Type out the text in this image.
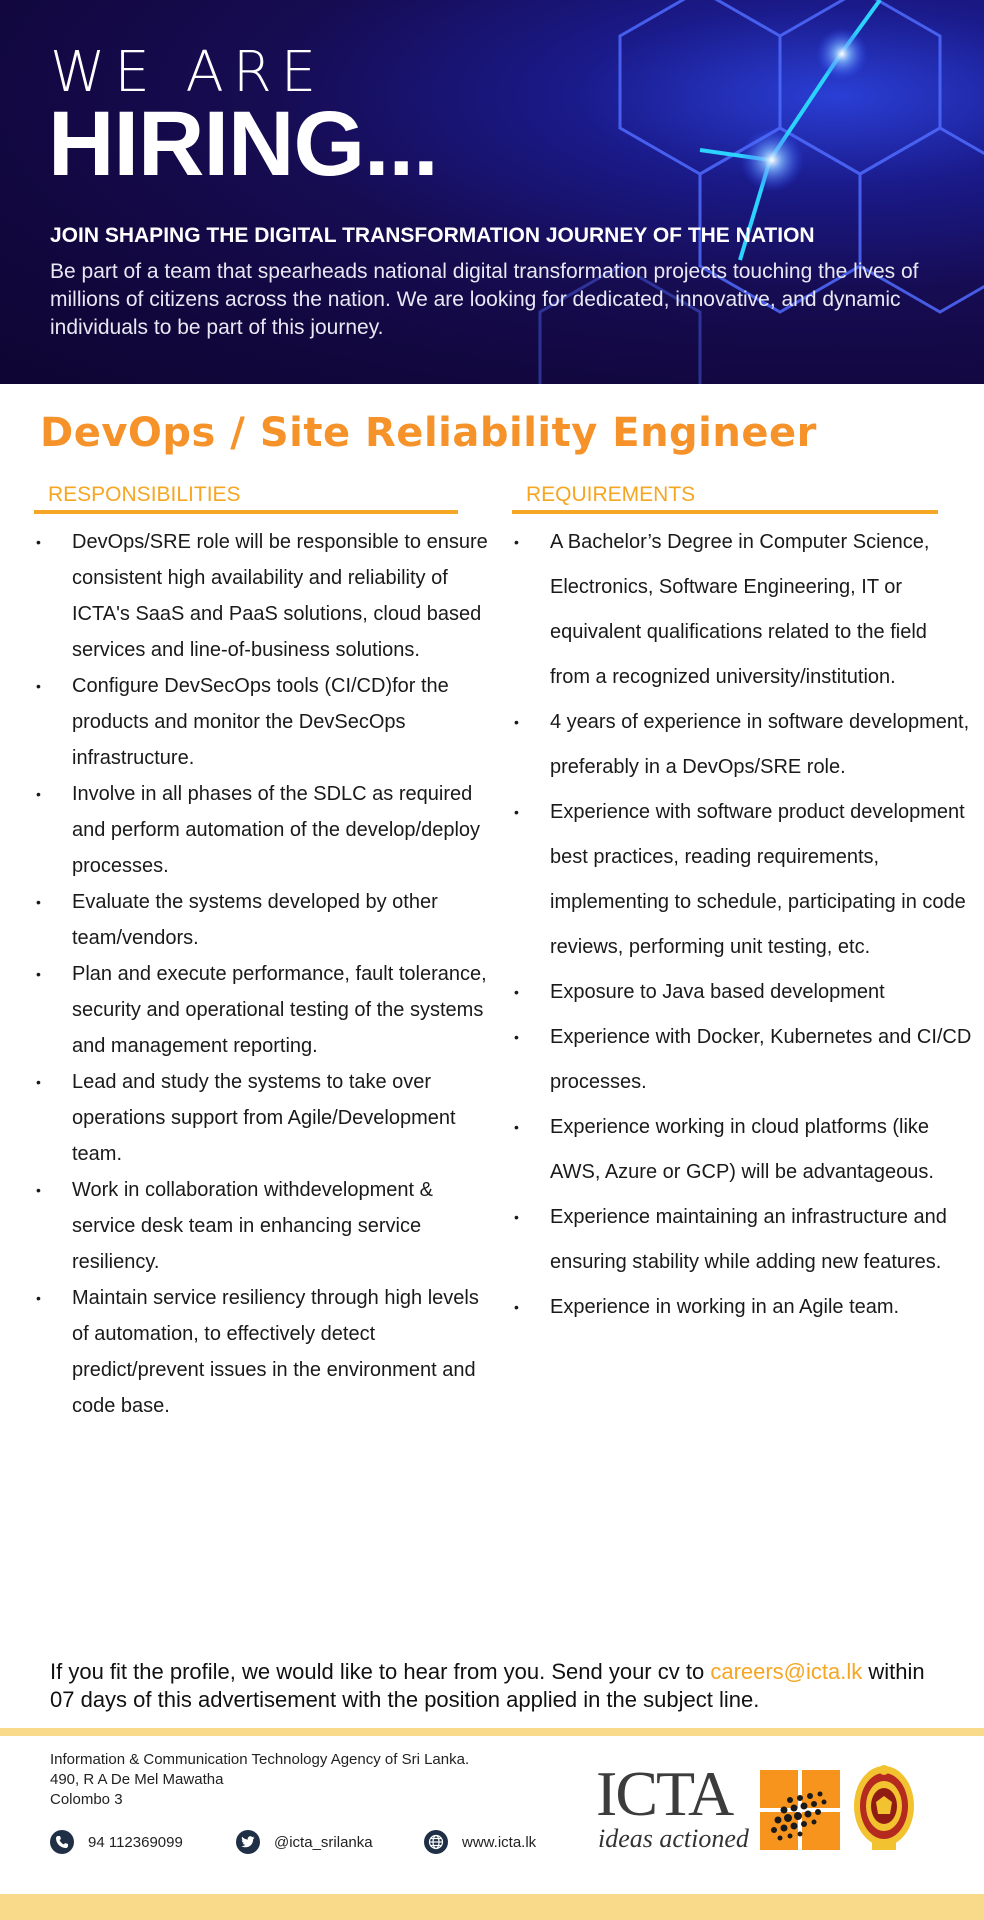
WE ARE
HIRING...
JOIN SHAPING THE DIGITAL TRANSFORMATION JOURNEY OF THE NATION
Be part of a team that spearheads national digital transformation projects touching the lives of millions of citizens across the nation. We are looking for dedicated, innovative, and dynamic individuals to be part of this journey.
DevOps / Site Reliability Engineer
RESPONSIBILITIES
• DevOps/SRE role will be responsible to ensure consistent high availability and reliability of ICTA's SaaS and PaaS solutions, cloud based services and line-of-business solutions.
• Configure DevSecOps tools (CI/CD)for the products and monitor the DevSecOps infrastructure.
• Involve in all phases of the SDLC as required and perform automation of the develop/deploy processes.
• Evaluate the systems developed by other team/vendors.
• Plan and execute performance, fault tolerance, security and operational testing of the systems and management reporting.
• Lead and study the systems to take over operations support from Agile/Development team.
• Work in collaboration withdevelopment & service desk team in enhancing service resiliency.
• Maintain service resiliency through high levels of automation, to effectively detect predict/prevent issues in the environment and code base.
REQUIREMENTS
• A Bachelor’s Degree in Computer Science, Electronics, Software Engineering, IT or equivalent qualifications related to the field from a recognized university/institution.
• 4 years of experience in software development, preferably in a DevOps/SRE role.
• Experience with software product development best practices, reading requirements, implementing to schedule, participating in code reviews, performing unit testing, etc.
• Exposure to Java based development
• Experience with Docker, Kubernetes and CI/CD processes.
• Experience working in cloud platforms (like AWS, Azure or GCP) will be advantageous.
• Experience maintaining an infrastructure and ensuring stability while adding new features.
• Experience in working in an Agile team.

If you fit the profile, we would like to hear from you. Send your cv to careers@icta.lk within 07 days of this advertisement with the position applied in the subject line.

Information & Communication Technology Agency of Sri Lanka.
490, R A De Mel Mawatha
Colombo 3
94 112369099	@icta_srilanka	www.icta.lk
ICTA
ideas actioned
